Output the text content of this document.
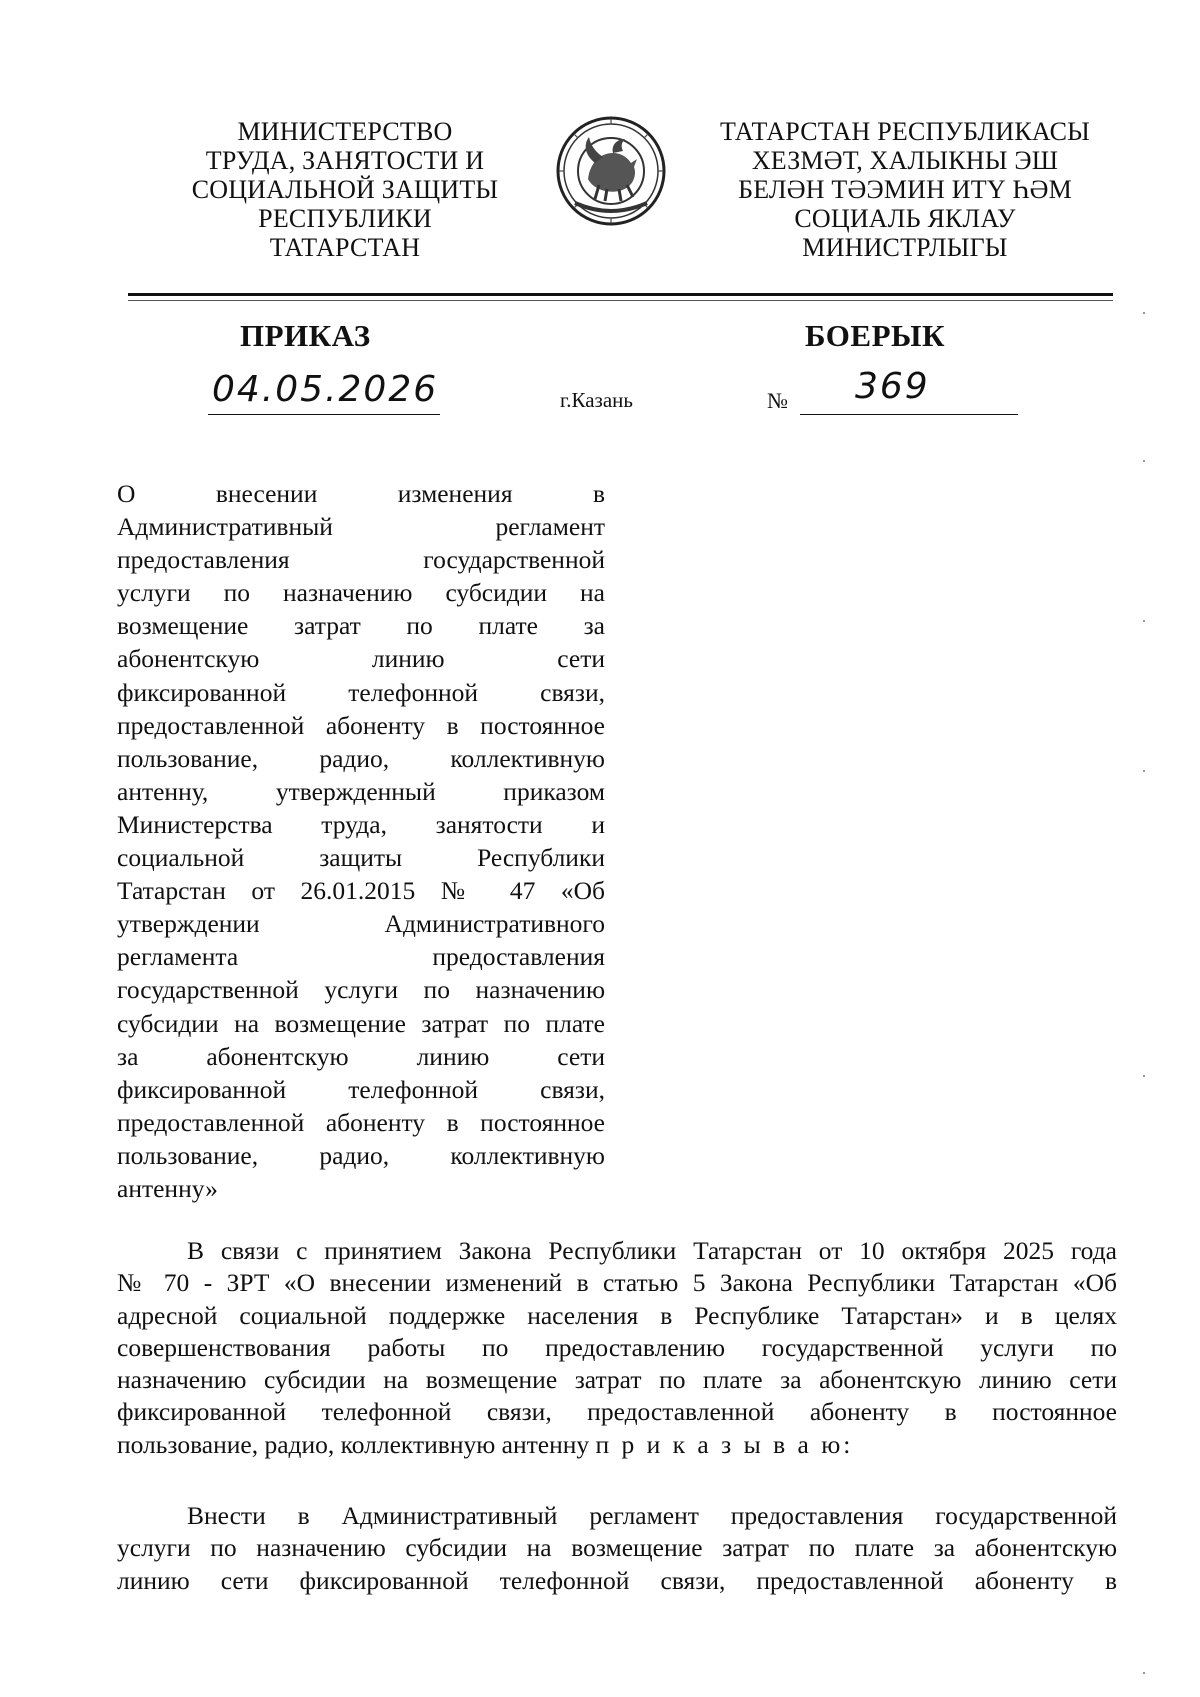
МИНИСТЕРСТВО
ТРУДА, ЗАНЯТОСТИ И
СОЦИАЛЬНОЙ ЗАЩИТЫ
РЕСПУБЛИКИ
ТАТАРСТАН
ТАТАРСТАН РЕСПУБЛИКАСЫ
ХЕЗМӘТ, ХАЛЫКНЫ ЭШ
БЕЛӘН ТӘЭМИН ИТҮ ҺӘМ
СОЦИАЛЬ ЯКЛАУ
МИНИСТРЛЫГЫ
ПРИКАЗ	БОЕРЫК
04.05.2026	г.Казань	№ 369
О внесении изменения в
Административный регламент
предоставления государственной
услуги по назначению субсидии на
возмещение затрат по плате за
абонентскую линию сети
фиксированной телефонной связи,
предоставленной абоненту в постоянное
пользование, радио, коллективную
антенну, утвержденный приказом
Министерства труда, занятости и
социальной защиты Республики
Татарстан от 26.01.2015 № 47 «Об
утверждении Административного
регламента предоставления
государственной услуги по назначению
субсидии на возмещение затрат по плате
за абонентскую линию сети
фиксированной телефонной связи,
предоставленной абоненту в постоянное
пользование, радио, коллективную
антенну»
В связи с принятием Закона Республики Татарстан от 10 октября 2025 года
№ 70 - ЗРТ «О внесении изменений в статью 5 Закона Республики Татарстан «Об
адресной социальной поддержке населения в Республике Татарстан» и в целях
совершенствования работы по предоставлению государственной услуги по
назначению субсидии на возмещение затрат по плате за абонентскую линию сети
фиксированной телефонной связи, предоставленной абоненту в постоянное
пользование, радио, коллективную антенну п р и к а з ы в а ю:
Внести в Административный регламент предоставления государственной
услуги по назначению субсидии на возмещение затрат по плате за абонентскую
линию сети фиксированной телефонной связи, предоставленной абоненту в
